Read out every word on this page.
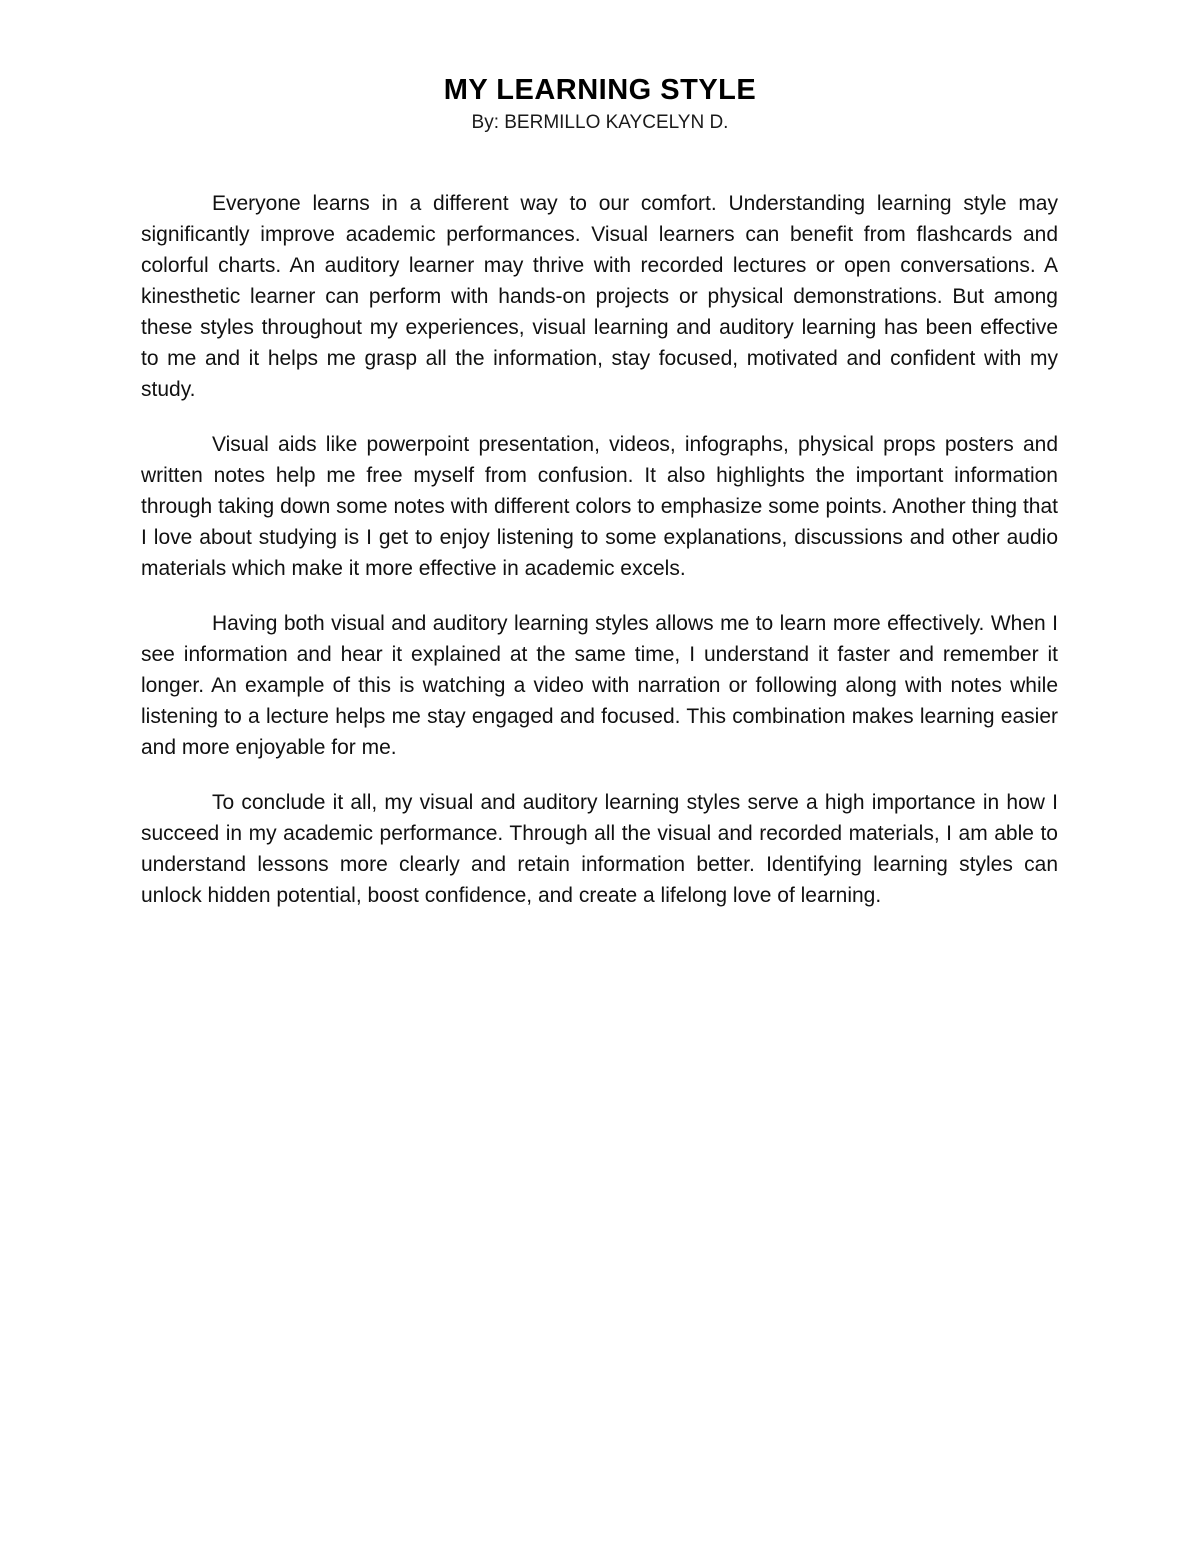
MY LEARNING STYLE

By: BERMILLO KAYCELYN D.

Everyone learns in a different way to our comfort. Understanding learning style may significantly improve academic performances. Visual learners can benefit from flashcards and colorful charts. An auditory learner may thrive with recorded lectures or open conversations. A kinesthetic learner can perform with hands-on projects or physical demonstrations. But among these styles throughout my experiences, visual learning and auditory learning has been effective to me and it helps me grasp all the information, stay focused, motivated and confident with my study.

Visual aids like powerpoint presentation, videos, infographs, physical props posters and written notes help me free myself from confusion. It also highlights the important information through taking down some notes with different colors to emphasize some points. Another thing that I love about studying is I get to enjoy listening to some explanations, discussions and other audio materials which make it more effective in academic excels.

Having both visual and auditory learning styles allows me to learn more effectively. When I see information and hear it explained at the same time, I understand it faster and remember it longer. An example of this is watching a video with narration or following along with notes while listening to a lecture helps me stay engaged and focused. This combination makes learning easier and more enjoyable for me.

To conclude it all, my visual and auditory learning styles serve a high importance in how I succeed in my academic performance. Through all the visual and recorded materials, I am able to understand lessons more clearly and retain information better. Identifying learning styles can unlock hidden potential, boost confidence, and create a lifelong love of learning.
